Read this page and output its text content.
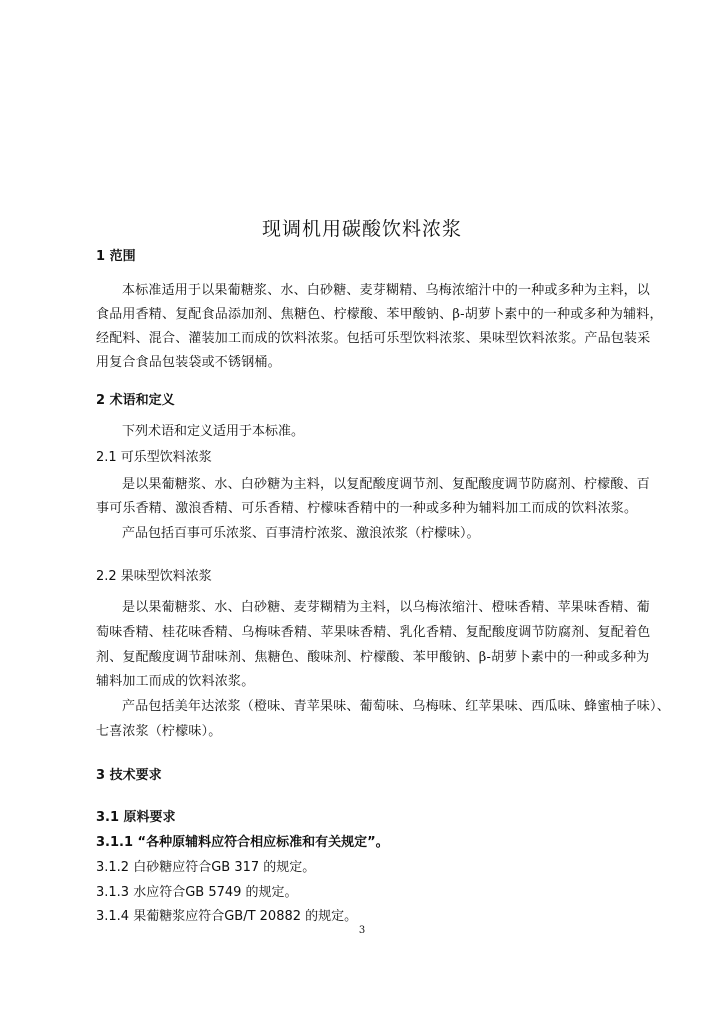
现调机用碳酸饮料浓浆
1 范围
本标准适用于以果葡糖浆、水、白砂糖、麦芽糊精、乌梅浓缩汁中的一种或多种为主料，以
食品用香精、复配食品添加剂、焦糖色、柠檬酸、苯甲酸钠、β-胡萝卜素中的一种或多种为辅料，
经配料、混合、灌装加工而成的饮料浓浆。包括可乐型饮料浓浆、果味型饮料浓浆。产品包装采
用复合食品包装袋或不锈钢桶。
2 术语和定义
下列术语和定义适用于本标准。
2.1 可乐型饮料浓浆
是以果葡糖浆、水、白砂糖为主料，以复配酸度调节剂、复配酸度调节防腐剂、柠檬酸、百
事可乐香精、激浪香精、可乐香精、柠檬味香精中的一种或多种为辅料加工而成的饮料浓浆。
产品包括百事可乐浓浆、百事清柠浓浆、激浪浓浆（柠檬味）。
2.2 果味型饮料浓浆
是以果葡糖浆、水、白砂糖、麦芽糊精为主料，以乌梅浓缩汁、橙味香精、苹果味香精、葡
萄味香精、桂花味香精、乌梅味香精、苹果味香精、乳化香精、复配酸度调节防腐剂、复配着色
剂、复配酸度调节甜味剂、焦糖色、酸味剂、柠檬酸、苯甲酸钠、β-胡萝卜素中的一种或多种为
辅料加工而成的饮料浓浆。
产品包括美年达浓浆（橙味、青苹果味、葡萄味、乌梅味、红苹果味、西瓜味、蜂蜜柚子味）、
七喜浓浆（柠檬味）。
3 技术要求
3.1 原料要求
3.1.1 “各种原辅料应符合相应标准和有关规定”。
3.1.2 白砂糖应符合GB 317 的规定。
3.1.3 水应符合GB 5749 的规定。
3.1.4 果葡糖浆应符合GB/T 20882 的规定。
3
